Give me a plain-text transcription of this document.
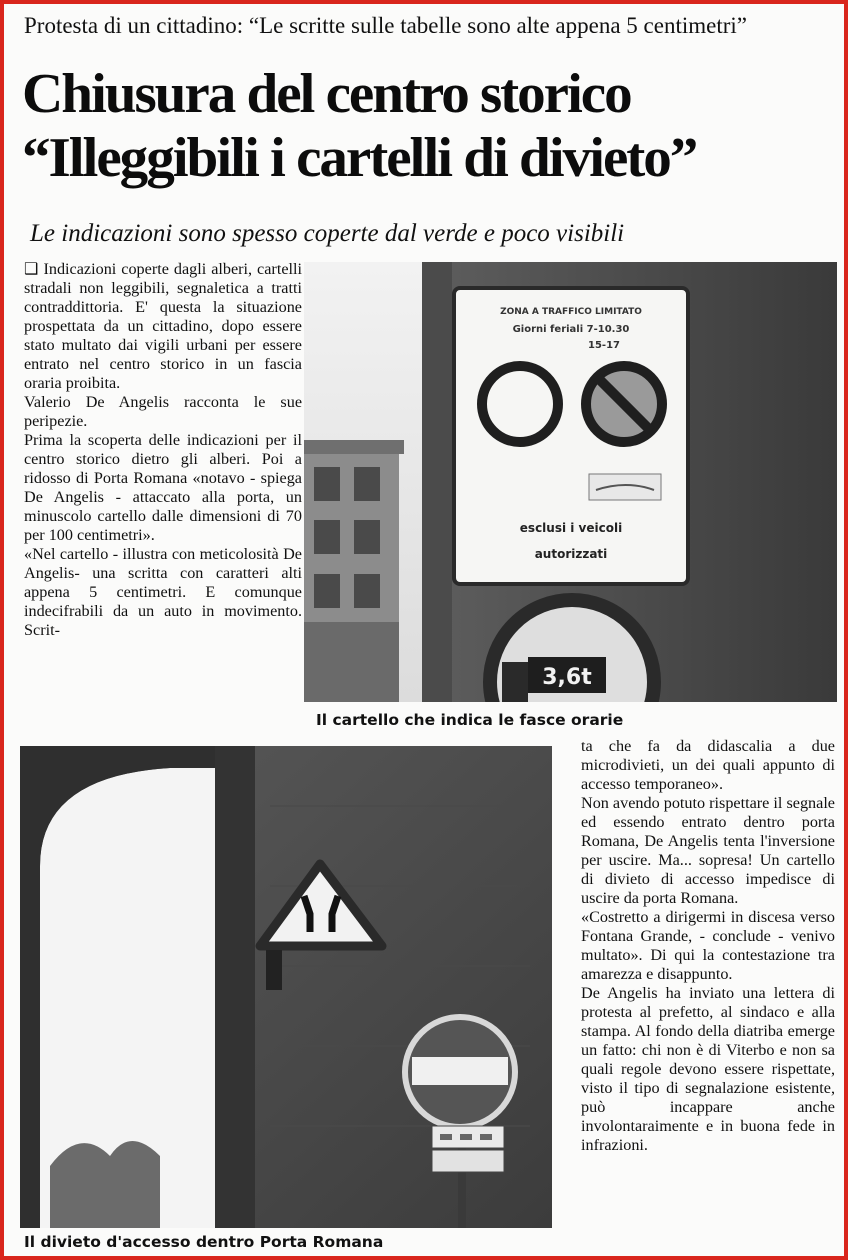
Protesta di un cittadino: “Le scritte sulle tabelle sono alte appena 5 centimetri”
Chiusura del centro storico
“Illeggibili i cartelli di divieto”
Le indicazioni sono spesso coperte dal verde e poco visibili

❑ Indicazioni coperte dagli alberi, cartelli stradali non leggibili, segnaletica a tratti contraddittoria. E' questa la situazione prospettata da un cittadino, dopo essere stato multato dai vigili urbani per essere entrato nel centro storico in un fascia oraria proibita.

Valerio De Angelis racconta le sue peripezie.

Prima la scoperta delle indicazioni per il centro storico dietro gli alberi. Poi a ridosso di Porta Romana «notavo - spiega De Angelis - attaccato alla porta, un minuscolo cartello dalle dimensioni di 70 per 100 centimetri».

«Nel cartello - illustra con meticolosità De Angelis- una scritta con caratteri alti appena 5 centimetri. E comunque indecifrabili da un auto in movimento. Scrit-

ZONA A TRAFFICO LIMITATO
Giorni feriali 7-10.30
15-17
esclusi i veicoli
autorizzati
3,6t
Il cartello che indica le fasce orarie
Il divieto d'accesso dentro Porta Romana

ta che fa da didascalia a due microdivieti, un dei quali appunto di accesso temporaneo».

Non avendo potuto rispettare il segnale ed essendo entrato dentro porta Romana, De Angelis tenta l'inversione per uscire. Ma... sopresa! Un cartello di divieto di accesso impedisce di uscire da porta Romana.

«Costretto a dirigermi in discesa verso Fontana Grande, - conclude - venivo multato». Di qui la contestazione tra amarezza e disappunto.

De Angelis ha inviato una lettera di protesta al prefetto, al sindaco e alla stampa. Al fondo della diatriba emerge un fatto: chi non è di Viterbo e non sa quali regole devono essere rispettate, visto il tipo di segnalazione esistente, può incappare anche involontaraimente e in buona fede in infrazioni.
